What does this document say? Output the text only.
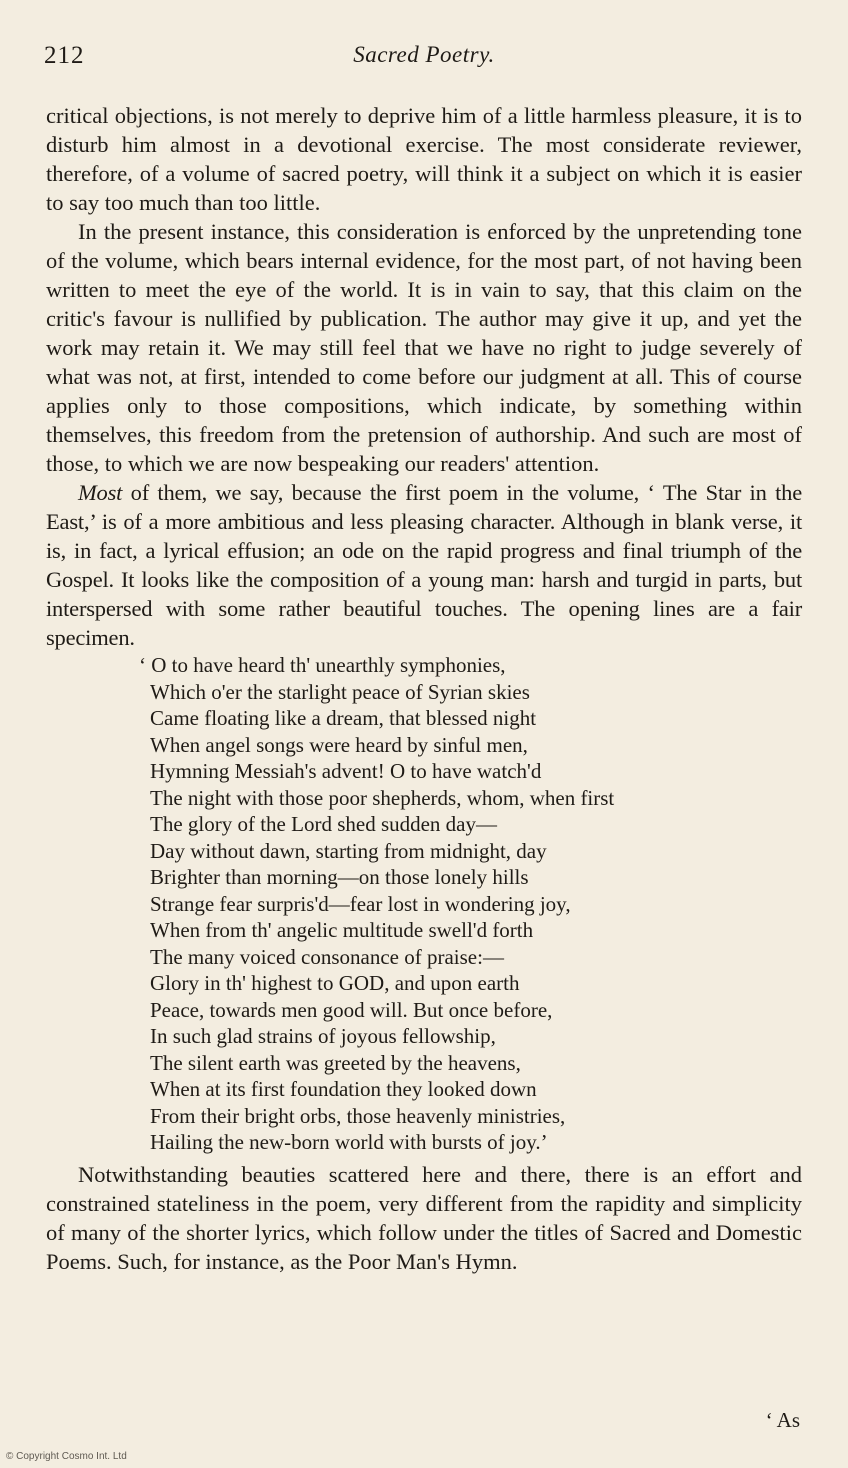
212	Sacred Poetry.

critical objections, is not merely to deprive him of a little harmless pleasure, it is to disturb him almost in a devotional exercise. The most considerate reviewer, therefore, of a volume of sacred poetry, will think it a subject on which it is easier to say too much than too little.

In the present instance, this consideration is enforced by the unpretending tone of the volume, which bears internal evidence, for the most part, of not having been written to meet the eye of the world. It is in vain to say, that this claim on the critic's favour is nullified by publication. The author may give it up, and yet the work may retain it. We may still feel that we have no right to judge severely of what was not, at first, intended to come before our judgment at all. This of course applies only to those compositions, which indicate, by something within themselves, this freedom from the pretension of authorship. And such are most of those, to which we are now bespeaking our readers' attention.

Most of them, we say, because the first poem in the volume, ‘ The Star in the East,’ is of a more ambitious and less pleasing character. Although in blank verse, it is, in fact, a lyrical effusion; an ode on the rapid progress and final triumph of the Gospel. It looks like the composition of a young man: harsh and turgid in parts, but interspersed with some rather beautiful touches. The opening lines are a fair specimen.

‘ O to have heard th' unearthly symphonies,
Which o'er the starlight peace of Syrian skies
Came floating like a dream, that blessed night
When angel songs were heard by sinful men,
Hymning Messiah's advent! O to have watch'd
The night with those poor shepherds, whom, when first
The glory of the Lord shed sudden day—
Day without dawn, starting from midnight, day
Brighter than morning—on those lonely hills
Strange fear surpris'd—fear lost in wondering joy,
When from th' angelic multitude swell'd forth
The many voiced consonance of praise:—
Glory in th' highest to GOD, and upon earth
Peace, towards men good will. But once before,
In such glad strains of joyous fellowship,
The silent earth was greeted by the heavens,
When at its first foundation they looked down
From their bright orbs, those heavenly ministries,
Hailing the new-born world with bursts of joy.’

Notwithstanding beauties scattered here and there, there is an effort and constrained stateliness in the poem, very different from the rapidity and simplicity of many of the shorter lyrics, which follow under the titles of Sacred and Domestic Poems. Such, for instance, as the Poor Man's Hymn.

‘ As
© Copyright Cosmo Int. Ltd
